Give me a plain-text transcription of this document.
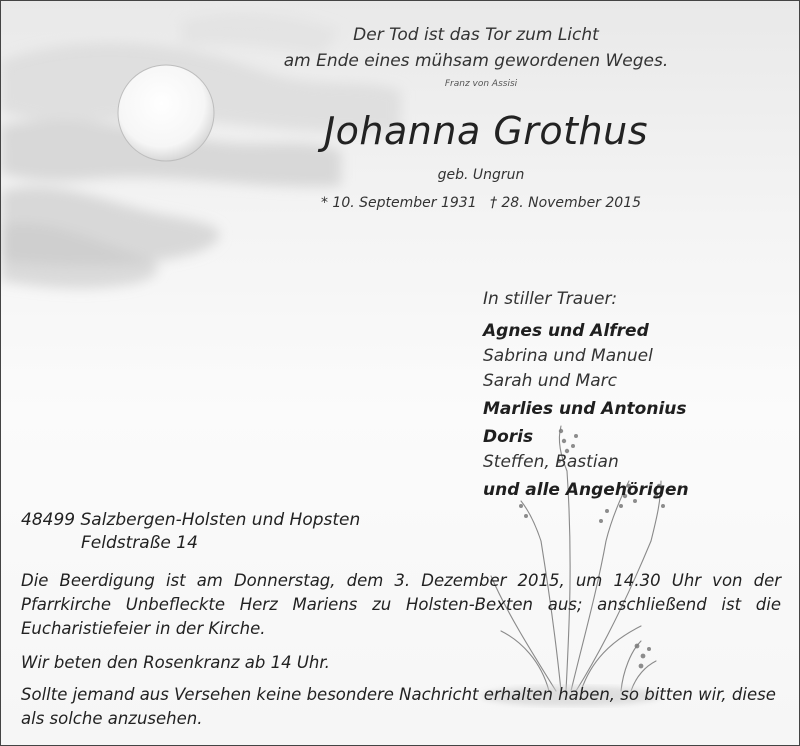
Der Tod ist das Tor zum Licht
am Ende eines mühsam gewordenen Weges.
Franz von Assisi
Johanna Grothus
geb. Ungrun
* 10. September 1931   † 28. November 2015
In stiller Trauer:
Agnes und Alfred
Sabrina und Manuel
Sarah und Marc
Marlies und Antonius
Doris
Steffen, Bastian
und alle Angehörigen
48499 Salzbergen-Holsten und Hopsten
Feldstraße 14
Die Beerdigung ist am Donnerstag, dem 3. Dezember 2015, um 14.30 Uhr von der Pfarrkirche Unbefleckte Herz Mariens zu Holsten-Bexten aus; anschließend ist die Eucharistiefeier in der Kirche.
Wir beten den Rosenkranz ab 14 Uhr.
Sollte jemand aus Versehen keine besondere Nachricht erhalten haben, so bitten wir, diese als solche anzusehen.
